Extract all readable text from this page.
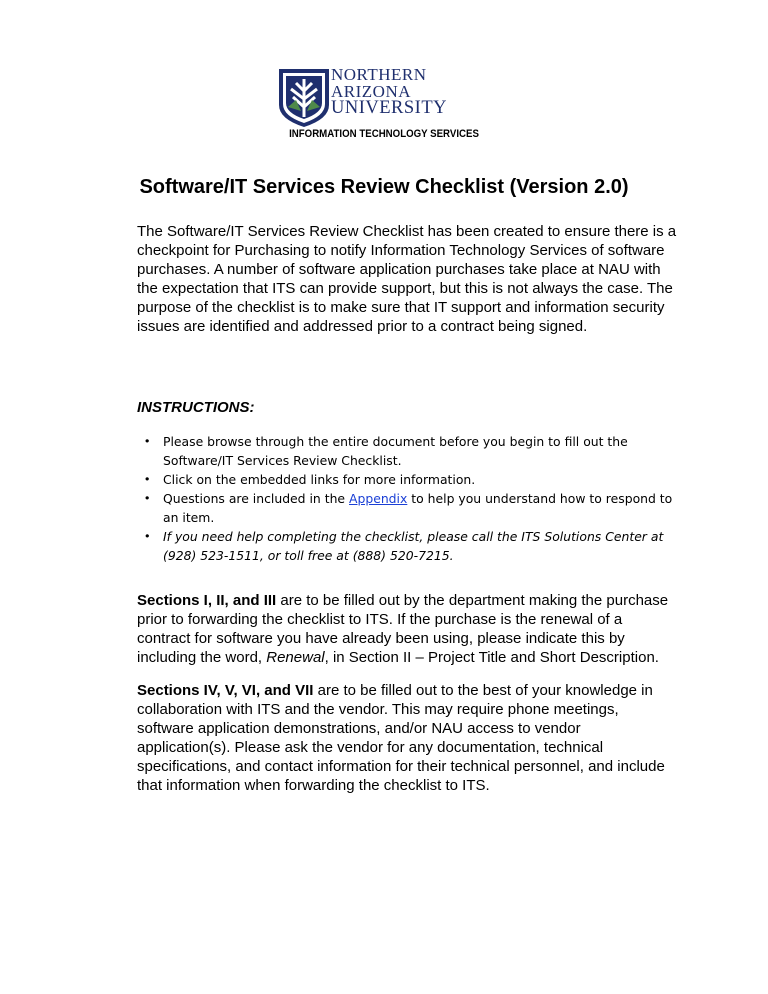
NORTHERN
ARIZONA
UNIVERSITY
INFORMATION TECHNOLOGY SERVICES
Software/IT Services Review Checklist (Version 2.0)
The Software/IT Services Review Checklist has been created to ensure there is a
checkpoint for Purchasing to notify Information Technology Services of software
purchases. A number of software application purchases take place at NAU with
the expectation that ITS can provide support, but this is not always the case. The
purpose of the checklist is to make sure that IT support and information security
issues are identified and addressed prior to a contract being signed.
INSTRUCTIONS:
• Please browse through the entire document before you begin to fill out the
Software/IT Services Review Checklist.
• Click on the embedded links for more information.
• Questions are included in the Appendix to help you understand how to respond to
an item.
• If you need help completing the checklist, please call the ITS Solutions Center at
(928) 523-1511, or toll free at (888) 520-7215.
Sections I, II, and III are to be filled out by the department making the purchase
prior to forwarding the checklist to ITS. If the purchase is the renewal of a
contract for software you have already been using, please indicate this by
including the word, Renewal, in Section II – Project Title and Short Description.
Sections IV, V, VI, and VII are to be filled out to the best of your knowledge in
collaboration with ITS and the vendor. This may require phone meetings,
software application demonstrations, and/or NAU access to vendor
application(s). Please ask the vendor for any documentation, technical
specifications, and contact information for their technical personnel, and include
that information when forwarding the checklist to ITS.
